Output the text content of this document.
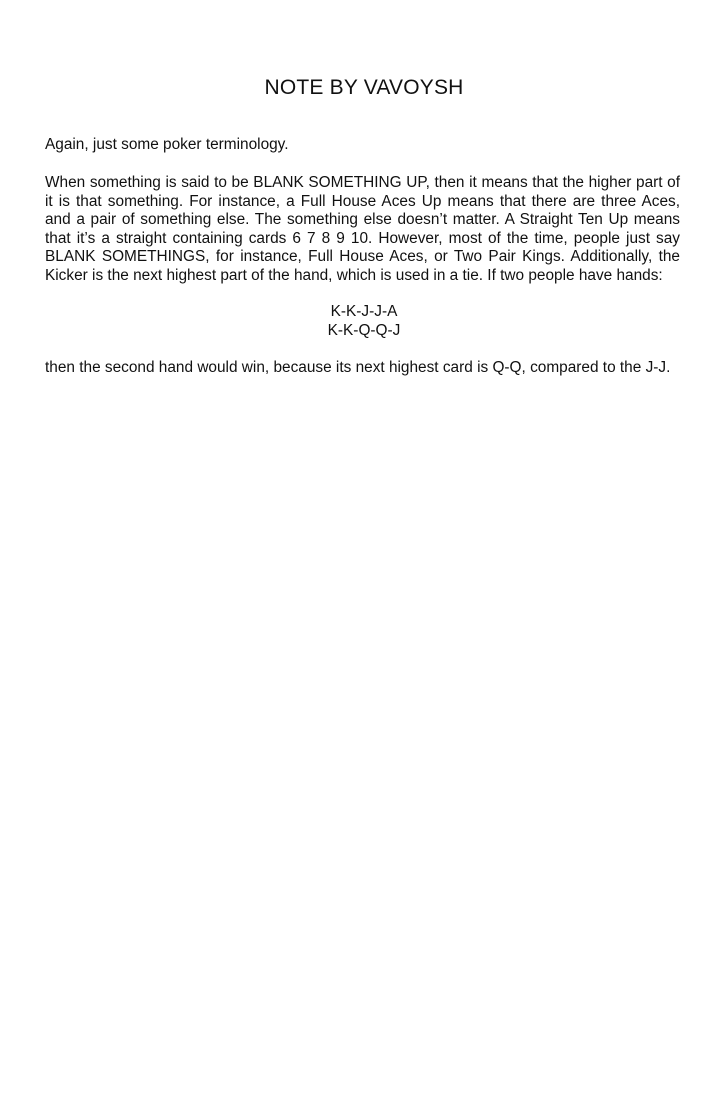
NOTE BY VAVOYSH

Again, just some poker terminology.

When something is said to be BLANK SOMETHING UP, then it means that the higher part of it is that something. For instance, a Full House Aces Up means that there are three Aces, and a pair of something else. The something else doesn’t matter. A Straight Ten Up means that it’s a straight containing cards 6 7 8 9 10. However, most of the time, people just say BLANK SOMETHINGS, for instance, Full House Aces, or Two Pair Kings. Additionally, the Kicker is the next highest part of the hand, which is used in a tie. If two people have hands:

K-K-J-J-A
K-K-Q-Q-J

then the second hand would win, because its next highest card is Q-Q, compared to the J-J.
